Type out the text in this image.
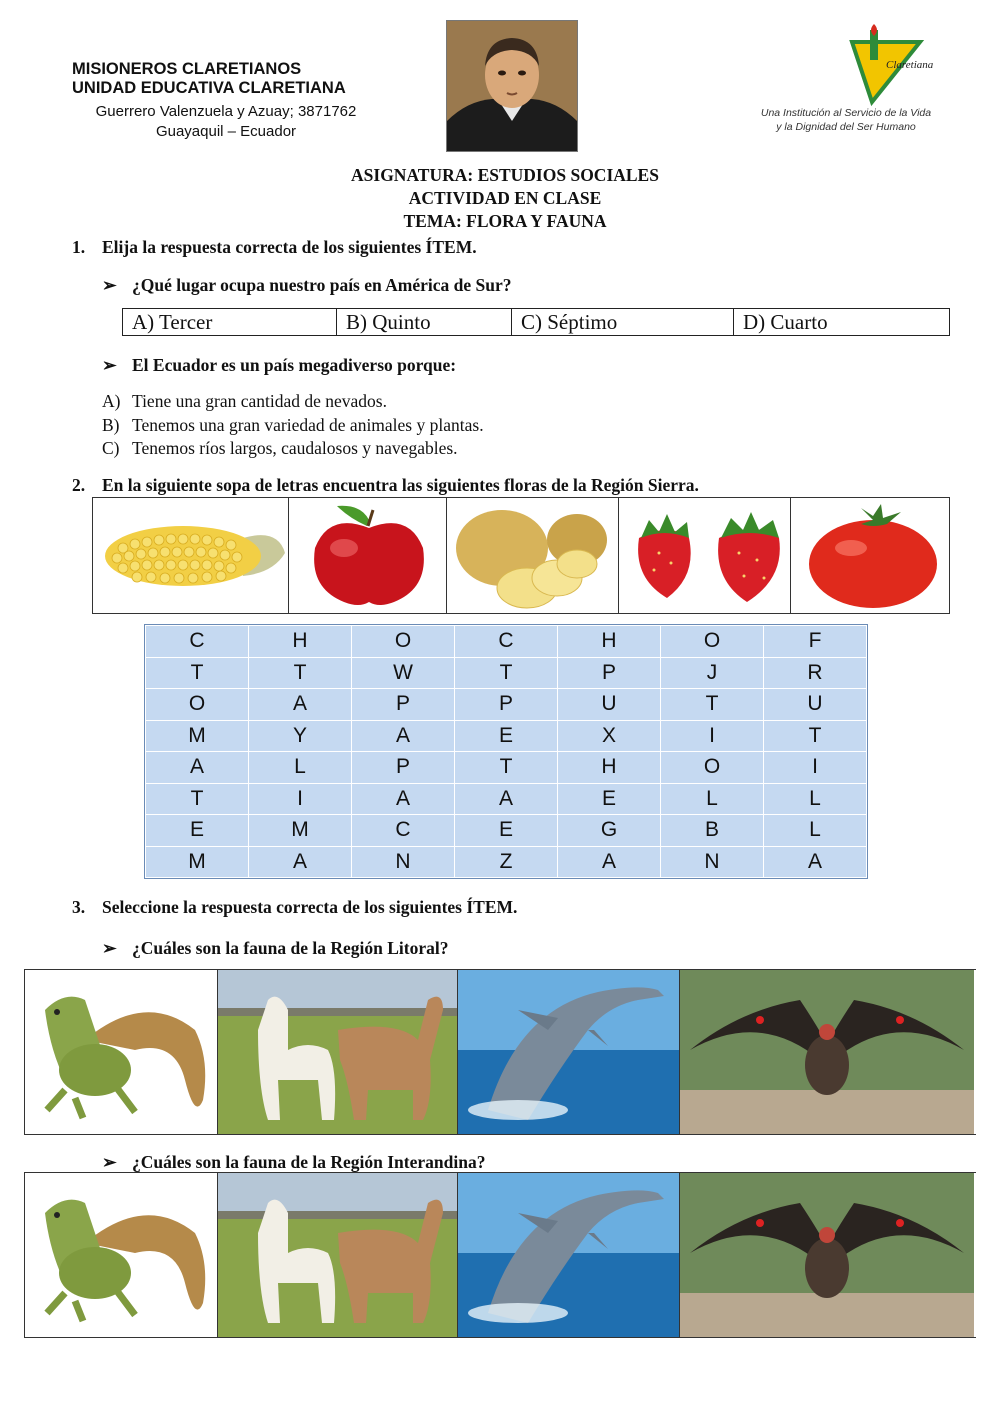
MISIONEROS CLARETIANOS
UNIDAD EDUCATIVA CLARETIANA
Guerrero Valenzuela y Azuay; 3871762
Guayaquil – Ecuador
Claretiana
Una Institución al Servicio de la Vida
y la Dignidad del Ser Humano
ASIGNATURA: ESTUDIOS SOCIALES
ACTIVIDAD EN CLASE
TEMA: FLORA Y FAUNA
1. Elija la respuesta correcta de los siguientes ÍTEM.
➢ ¿Qué lugar ocupa nuestro país en América de Sur?
A) Tercer	B) Quinto	C) Séptimo	D) Cuarto
➢ El Ecuador es un país megadiverso porque:
A) Tiene una gran cantidad de nevados.
B) Tenemos una gran variedad de animales y plantas.
C) Tenemos ríos largos, caudalosos y navegables.
2. En la siguiente sopa de letras encuentra las siguientes floras de la Región Sierra.
C	H	O	C	H	O	F
T	T	W	T	P	J	R
O	A	P	P	U	T	U
M	Y	A	E	X	I	T
A	L	P	T	H	O	I
T	I	A	A	E	L	L
E	M	C	E	G	B	L
M	A	N	Z	A	N	A
3. Seleccione la respuesta correcta de los siguientes ÍTEM.
➢ ¿Cuáles son la fauna de la Región Litoral?
➢ ¿Cuáles son la fauna de la Región Interandina?
